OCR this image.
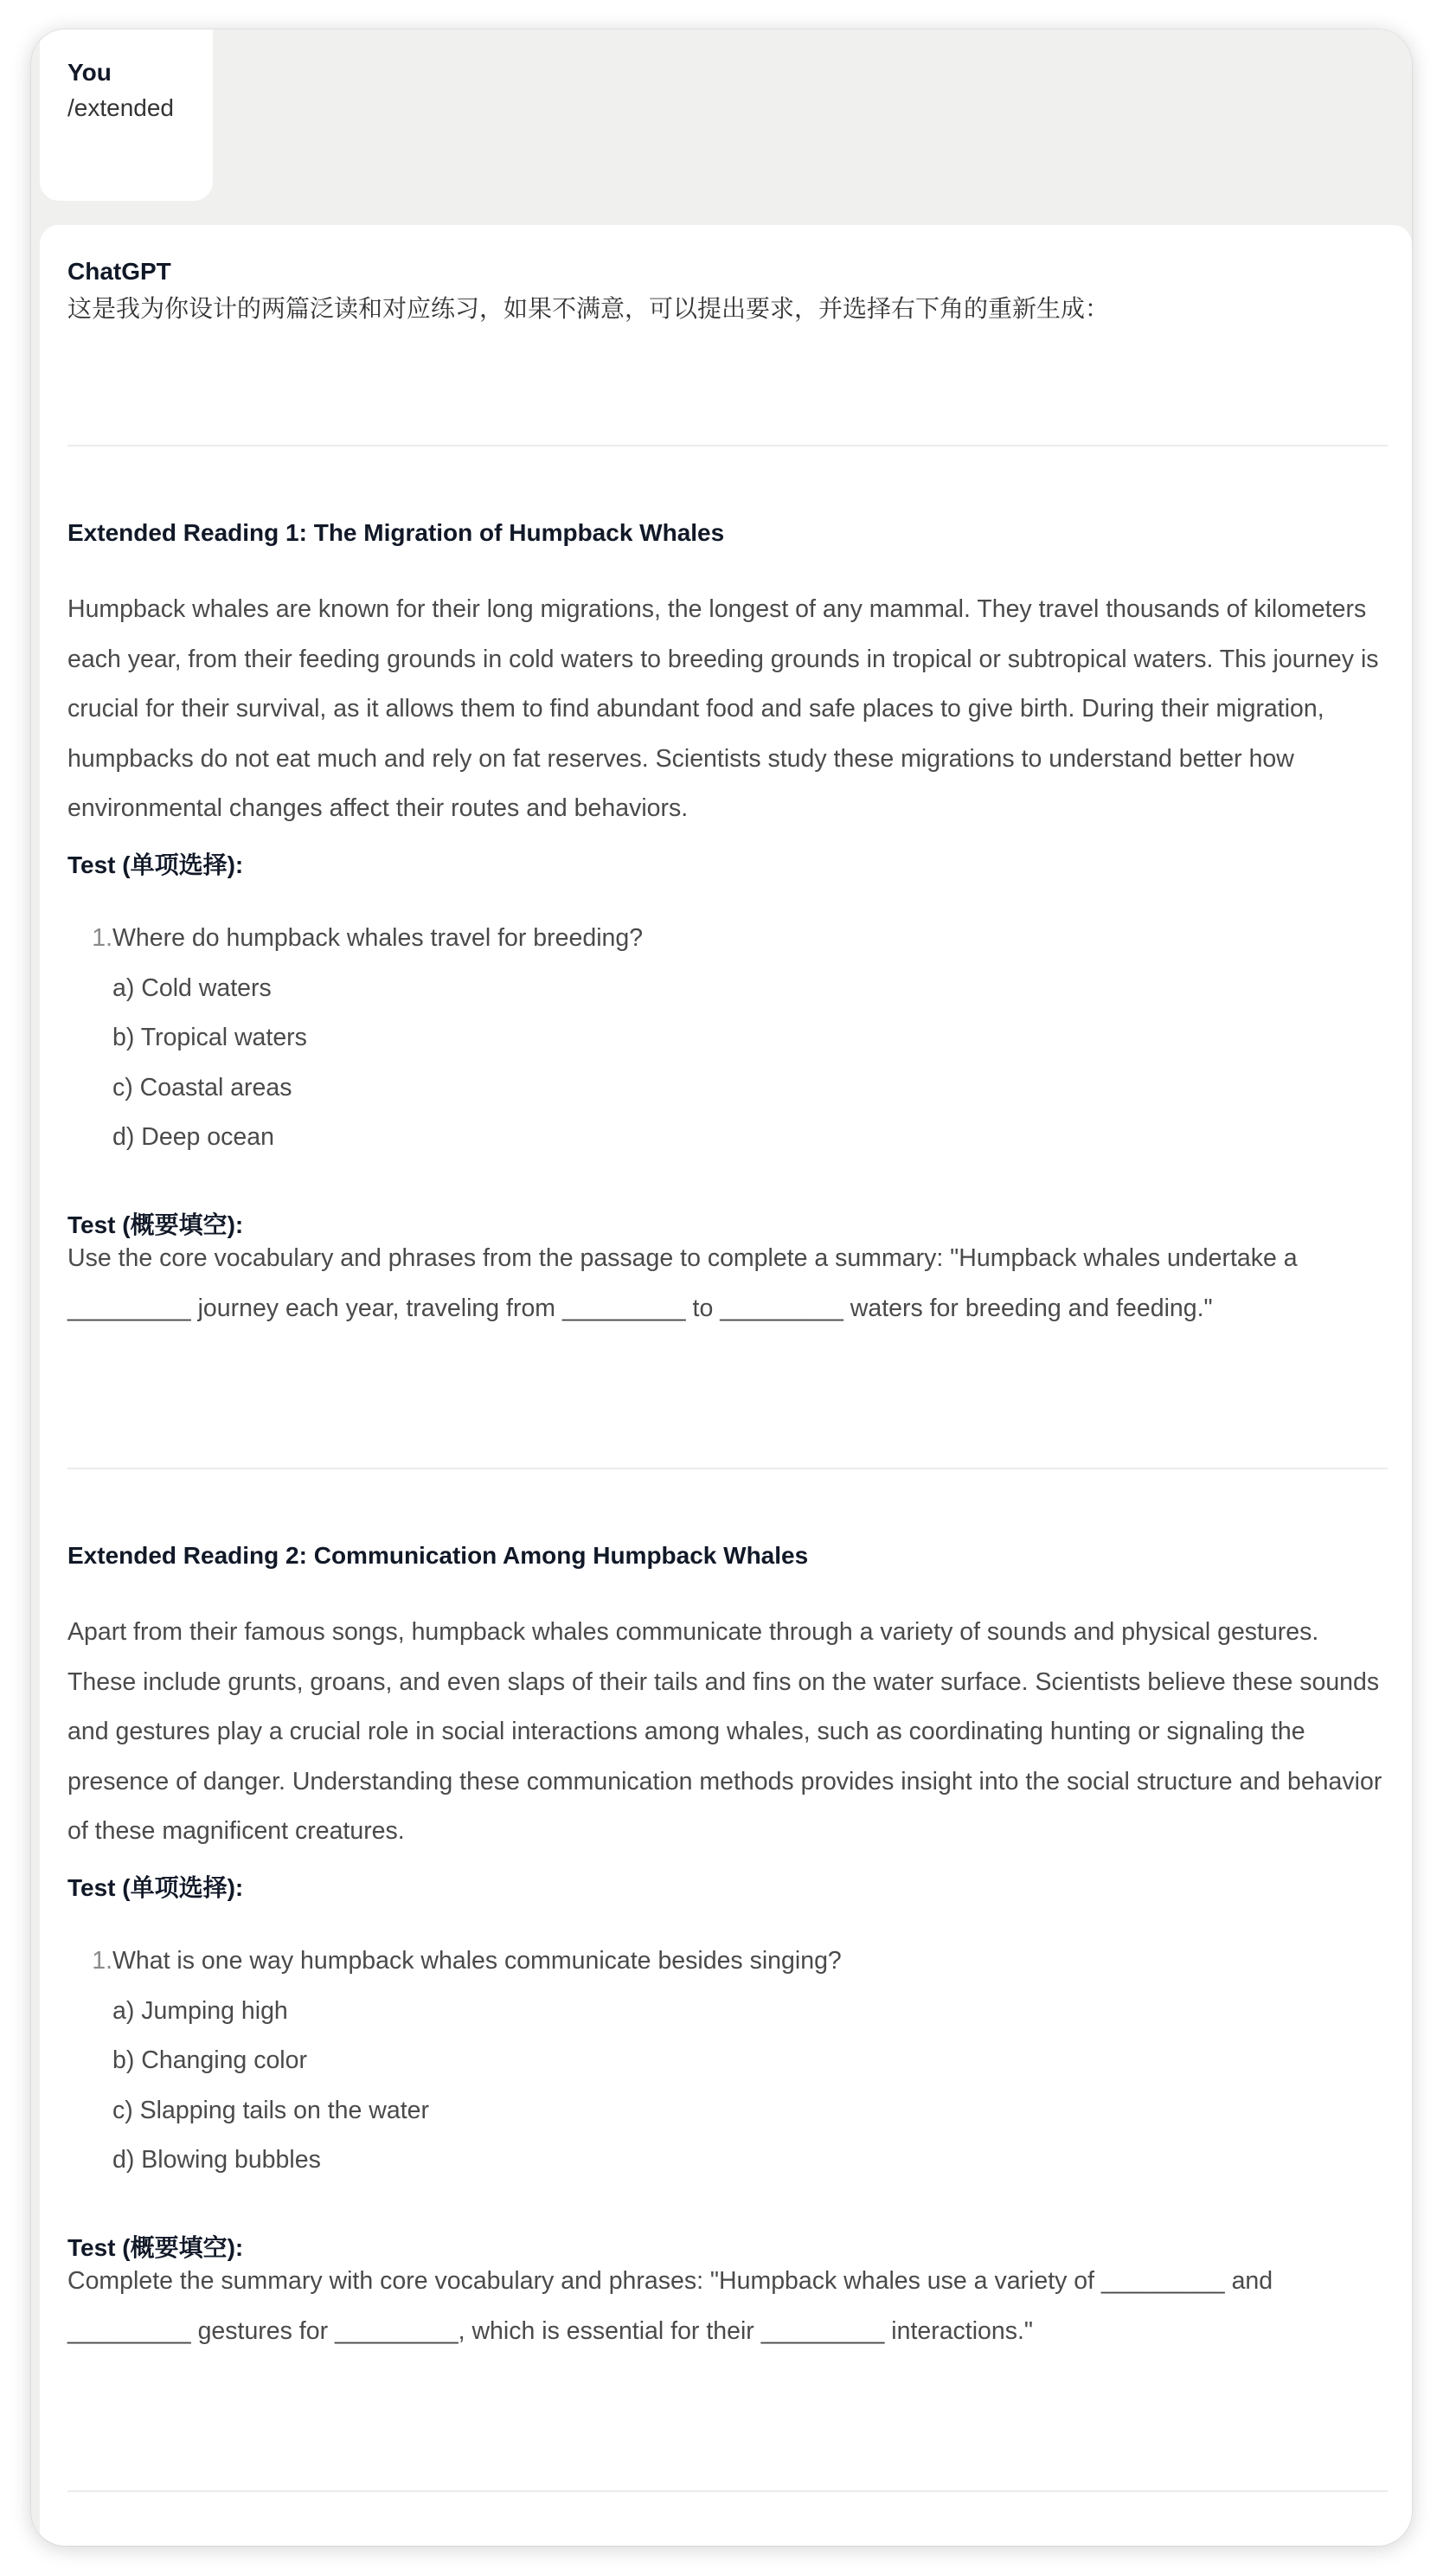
You
/extended
ChatGPT
这是我为你设计的两篇泛读和对应练习，如果不满意，可以提出要求，并选择右下角的重新生成：
Extended Reading 1: The Migration of Humpback Whales
Humpback whales are known for their long migrations, the longest of any mammal. They travel thousands of kilometers each year, from their feeding grounds in cold waters to breeding grounds in tropical or subtropical waters. This journey is crucial for their survival, as it allows them to find abundant food and safe places to give birth. During their migration, humpbacks do not eat much and rely on fat reserves. Scientists study these migrations to understand better how environmental changes affect their routes and behaviors.
Test (单项选择):
1.Where do humpback whales travel for breeding?
a) Cold waters
b) Tropical waters
c) Coastal areas
d) Deep ocean
Test (概要填空):
Use the core vocabulary and phrases from the passage to complete a summary: "Humpback whales undertake a _________ journey each year, traveling from _________ to _________ waters for breeding and feeding."
Extended Reading 2: Communication Among Humpback Whales
Apart from their famous songs, humpback whales communicate through a variety of sounds and physical gestures. These include grunts, groans, and even slaps of their tails and fins on the water surface. Scientists believe these sounds and gestures play a crucial role in social interactions among whales, such as coordinating hunting or signaling the presence of danger. Understanding these communication methods provides insight into the social structure and behavior of these magnificent creatures.
Test (单项选择):
1.What is one way humpback whales communicate besides singing?
a) Jumping high
b) Changing color
c) Slapping tails on the water
d) Blowing bubbles
Test (概要填空):
Complete the summary with core vocabulary and phrases: "Humpback whales use a variety of _________ and _________ gestures for _________, which is essential for their _________ interactions."
